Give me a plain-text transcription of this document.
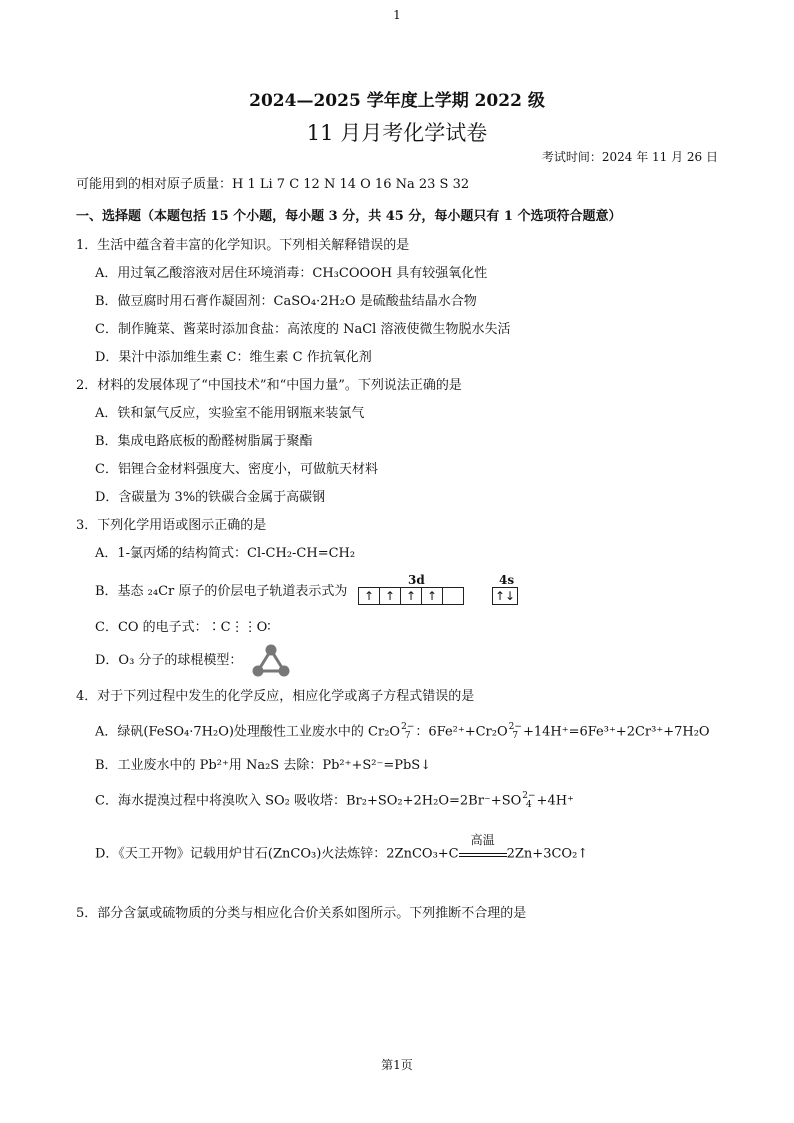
1
2024—2025 学年度上学期 2022 级
11 月月考化学试卷
考试时间：2024 年 11 月 26 日
可能用到的相对原子质量：H 1 Li 7 C 12 N 14 O 16 Na 23 S 32
一、选择题（本题包括 15 个小题，每小题 3 分，共 45 分，每小题只有 1 个选项符合题意）
1．生活中蕴含着丰富的化学知识。下列相关解释错误的是
A．用过氧乙酸溶液对居住环境消毒：CH₃COOOH 具有较强氧化性
B．做豆腐时用石膏作凝固剂：CaSO₄·2H₂O 是硫酸盐结晶水合物
C．制作腌菜、酱菜时添加食盐：高浓度的 NaCl 溶液使微生物脱水失活
D．果汁中添加维生素 C：维生素 C 作抗氧化剂
2．材料的发展体现了“中国技术”和“中国力量”。下列说法正确的是
A．铁和氯气反应，实验室不能用钢瓶来装氯气
B．集成电路底板的酚醛树脂属于聚酯
C．铝锂合金材料强度大、密度小，可做航天材料
D．含碳量为 3%的铁碳合金属于高碳钢
3．下列化学用语或图示正确的是
A．1-氯丙烯的结构简式：Cl-CH₂-CH=CH₂
3d	4s
B．基态 ₂₄Cr 原子的价层电子轨道表示式为	↑ ↑ ↑ ↑	↑↓
C．CO 的电子式：∶C⋮⋮O∶
D．O₃ 分子的球棍模型：
4．对于下列过程中发生的化学反应，相应化学或离子方程式错误的是
A．绿矾(FeSO₄·7H₂O)处理酸性工业废水中的 Cr₂O 2−
7 ：6Fe²⁺+Cr₂O 2−
7 +14H⁺=6Fe³⁺+2Cr³⁺+7H₂O
B．工业废水中的 Pb²⁺用 Na₂S 去除：Pb²⁺+S²⁻=PbS↓
C．海水提溴过程中将溴吹入 SO₂ 吸收塔：Br₂+SO₂+2H₂O=2Br⁻+SO 2−
4 +4H⁺
D．《天工开物》记载用炉甘石(ZnCO₃)火法炼锌：2ZnCO₃+C
高温
2Zn+3CO₂↑
5．部分含氯或硫物质的分类与相应化合价关系如图所示。下列推断不合理的是
第1页
